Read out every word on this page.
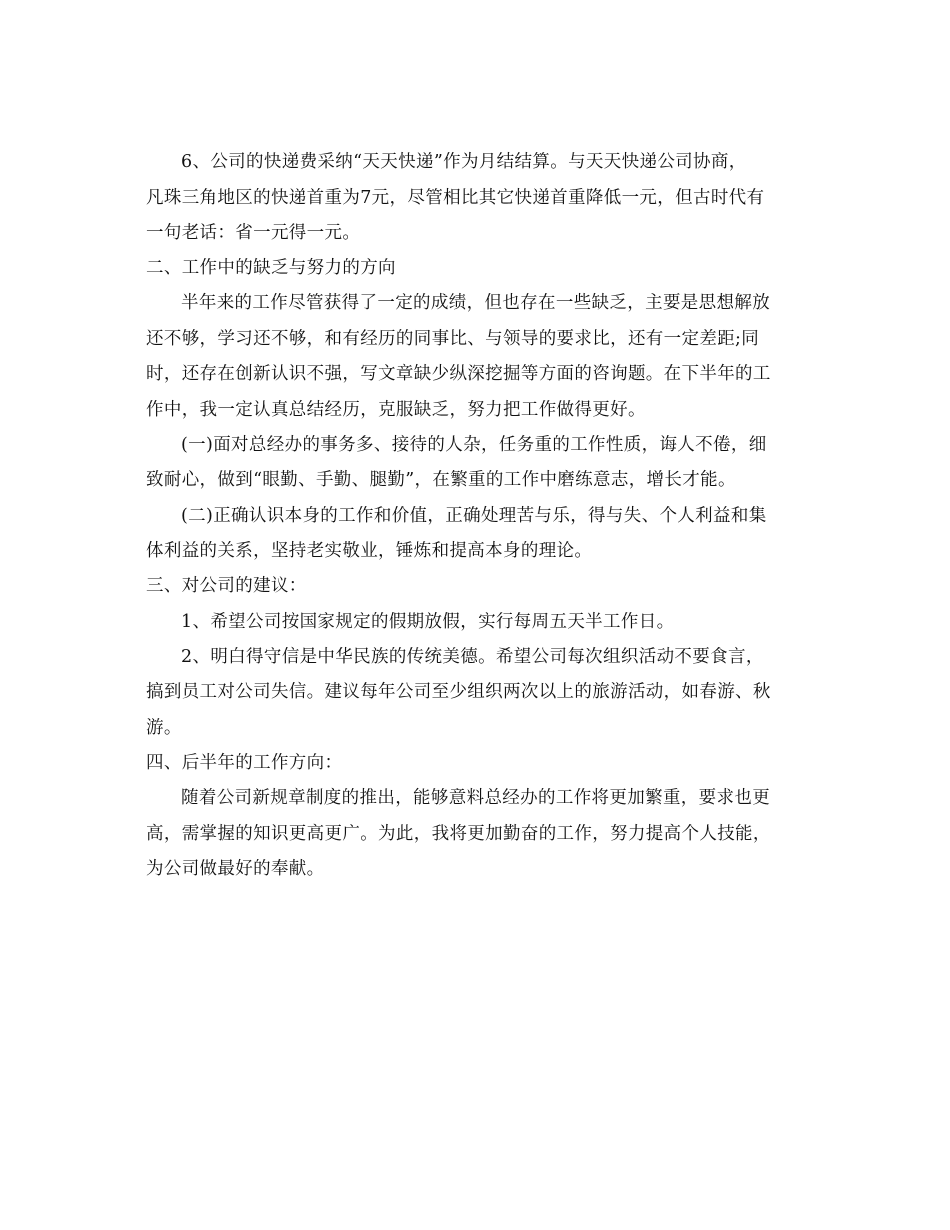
6、公司的快递费采纳“天天快递”作为月结结算。与天天快递公司协商，
凡珠三角地区的快递首重为7元，尽管相比其它快递首重降低一元，但古时代有
一句老话：省一元得一元。
二、工作中的缺乏与努力的方向
半年来的工作尽管获得了一定的成绩，但也存在一些缺乏，主要是思想解放
还不够，学习还不够，和有经历的同事比、与领导的要求比，还有一定差距;同
时，还存在创新认识不强，写文章缺少纵深挖掘等方面的咨询题。在下半年的工
作中，我一定认真总结经历，克服缺乏，努力把工作做得更好。
(一)面对总经办的事务多、接待的人杂，任务重的工作性质，诲人不倦，细
致耐心，做到“眼勤、手勤、腿勤”，在繁重的工作中磨练意志，增长才能。
(二)正确认识本身的工作和价值，正确处理苦与乐，得与失、个人利益和集
体利益的关系，坚持老实敬业，锤炼和提高本身的理论。
三、对公司的建议：
1、希望公司按国家规定的假期放假，实行每周五天半工作日。
2、明白得守信是中华民族的传统美德。希望公司每次组织活动不要食言，
搞到员工对公司失信。建议每年公司至少组织两次以上的旅游活动，如春游、秋
游。
四、后半年的工作方向：
随着公司新规章制度的推出，能够意料总经办的工作将更加繁重，要求也更
高，需掌握的知识更高更广。为此，我将更加勤奋的工作，努力提高个人技能，
为公司做最好的奉献。
